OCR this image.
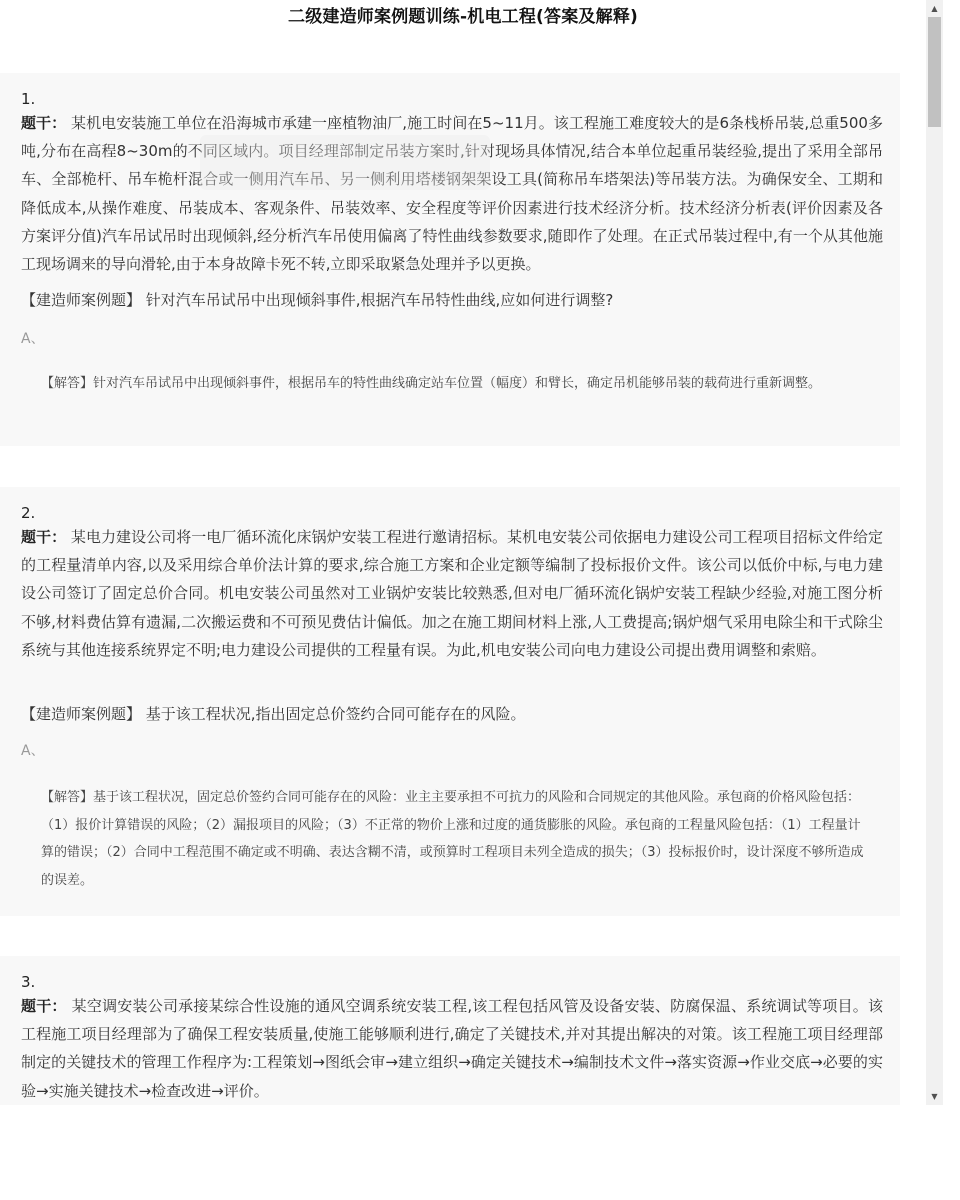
二级建造师案例题训练-机电工程(答案及解释)
1.

题干： 某机电安装施工单位在沿海城市承建一座植物油厂,施工时间在5~11月。该工程施工难度较大的是6条栈桥吊装,总重500多吨,分布在高程8~30m的不同区域内。项目经理部制定吊装方案时,针对现场具体情况,结合本单位起重吊装经验,提出了采用全部吊车、全部桅杆、吊车桅杆混合或一侧用汽车吊、另一侧利用塔楼钢架架设工具(简称吊车塔架法)等吊装方法。为确保安全、工期和降低成本,从操作难度、吊装成本、客观条件、吊装效率、安全程度等评价因素进行技术经济分析。技术经济分析表(评价因素及各方案评分值)汽车吊试吊时出现倾斜,经分析汽车吊使用偏离了特性曲线参数要求,随即作了处理。在正式吊装过程中,有一个从其他施工现场调来的导向滑轮,由于本身故障卡死不转,立即采取紧急处理并予以更换。

【建造师案例题】 针对汽车吊试吊中出现倾斜事件,根据汽车吊特性曲线,应如何进行调整?

A、

【解答】针对汽车吊试吊中出现倾斜事件，根据吊车的特性曲线确定站车位置（幅度）和臂长，确定吊机能够吊装的载荷进行重新调整。

2.

题干： 某电力建设公司将一电厂循环流化床锅炉安装工程进行邀请招标。某机电安装公司依据电力建设公司工程项目招标文件给定的工程量清单内容,以及采用综合单价法计算的要求,综合施工方案和企业定额等编制了投标报价文件。该公司以低价中标,与电力建设公司签订了固定总价合同。机电安装公司虽然对工业锅炉安装比较熟悉,但对电厂循环流化锅炉安装工程缺少经验,对施工图分析不够,材料费估算有遗漏,二次搬运费和不可预见费估计偏低。加之在施工期间材料上涨,人工费提高;锅炉烟气采用电除尘和干式除尘系统与其他连接系统界定不明;电力建设公司提供的工程量有误。为此,机电安装公司向电力建设公司提出费用调整和索赔。

【建造师案例题】 基于该工程状况,指出固定总价签约合同可能存在的风险。

A、

【解答】基于该工程状况，固定总价签约合同可能存在的风险：业主主要承担不可抗力的风险和合同规定的其他风险。承包商的价格风险包括：（1）报价计算错误的风险；（2）漏报项目的风险；（3）不正常的物价上涨和过度的通货膨胀的风险。承包商的工程量风险包括：（1）工程量计算的错误；（2）合同中工程范围不确定或不明确、表达含糊不清，或预算时工程项目未列全造成的损失；（3）投标报价时，设计深度不够所造成的误差。

3.

题干： 某空调安装公司承接某综合性设施的通风空调系统安装工程,该工程包括风管及设备安装、防腐保温、系统调试等项目。该工程施工项目经理部为了确保工程安装质量,使施工能够顺利进行,确定了关键技术,并对其提出解决的对策。该工程施工项目经理部制定的关键技术的管理工作程序为:工程策划→图纸会审→建立组织→确定关键技术→编制技术文件→落实资源→作业交底→必要的实验→实施关键技术→检查改进→评价。

▲
▼
